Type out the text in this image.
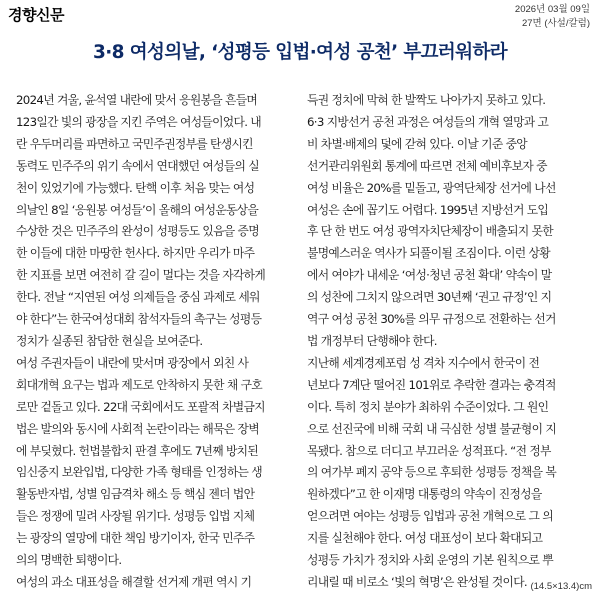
경향신문	2026년 03월 09일
27면 (사설/칼럼)
3·8 여성의날, ‘성평등 입법·여성 공천’ 부끄러워하라
2024년 겨울, 윤석열 내란에 맞서 응원봉을 흔들며
123일간 빛의 광장을 지킨 주역은 여성들이었다. 내
란 우두머리를 파면하고 국민주권정부를 탄생시킨
동력도 민주주의 위기 속에서 연대했던 여성들의 실
천이 있었기에 가능했다. 탄핵 이후 처음 맞는 여성
의날인 8일 ‘응원봉 여성들’이 올해의 여성운동상을
수상한 것은 민주주의 완성이 성평등도 있음을 증명
한 이들에 대한 마땅한 헌사다. 하지만 우리가 마주
한 지표를 보면 여전히 갈 길이 멀다는 것을 자각하게
한다. 전날 “지연된 여성 의제들을 중심 과제로 세워
야 한다”는 한국여성대회 참석자들의 촉구는 성평등
정치가 실종된 참담한 현실을 보여준다.
여성 주권자들이 내란에 맞서며 광장에서 외친 사
회대개혁 요구는 법과 제도로 안착하지 못한 채 구호
로만 겉돌고 있다. 22대 국회에서도 포괄적 차별금지
법은 발의와 동시에 사회적 논란이라는 해묵은 장벽
에 부딪혔다. 헌법불합치 판결 후에도 7년째 방치된
임신중지 보완입법, 다양한 가족 형태를 인정하는 생
활동반자법, 성별 임금격차 해소 등 핵심 젠더 법안
들은 정쟁에 밀려 사장될 위기다. 성평등 입법 지체
는 광장의 열망에 대한 책임 방기이자, 한국 민주주
의의 명백한 퇴행이다.
여성의 과소 대표성을 해결할 선거제 개편 역시 기
득권 정치에 막혀 한 발짝도 나아가지 못하고 있다.
6·3 지방선거 공천 과정은 여성들의 개혁 열망과 고
비 차별·배제의 덫에 갇혀 있다. 이날 기준 중앙
선거관리위원회 통계에 따르면 전체 예비후보자 중
여성 비율은 20%를 밑돌고, 광역단체장 선거에 나선
여성은 손에 꼽기도 어렵다. 1995년 지방선거 도입
후 단 한 번도 여성 광역자치단체장이 배출되지 못한
불명예스러운 역사가 되풀이될 조짐이다. 이런 상황
에서 여야가 내세운 ‘여성·청년 공천 확대’ 약속이 말
의 성찬에 그치지 않으려면 30년째 ‘권고 규정’인 지
역구 여성 공천 30%를 의무 규정으로 전환하는 선거
법 개정부터 단행해야 한다.
지난해 세계경제포럼 성 격차 지수에서 한국이 전
년보다 7계단 떨어진 101위로 추락한 결과는 충격적
이다. 특히 정치 분야가 최하위 수준이었다. 그 원인
으로 선진국에 비해 국회 내 극심한 성별 불균형이 지
목됐다. 참으로 더디고 부끄러운 성적표다. “전 정부
의 여가부 폐지 공약 등으로 후퇴한 성평등 정책을 복
원하겠다”고 한 이재명 대통령의 약속이 진정성을
얻으려면 여야는 성평등 입법과 공천 개혁으로 그 의
지를 실천해야 한다. 여성 대표성이 보다 확대되고
성평등 가치가 정치와 사회 운영의 기본 원칙으로 뿌
리내릴 때 비로소 ‘빛의 혁명’은 완성될 것이다. (14.5×13.4)cm
